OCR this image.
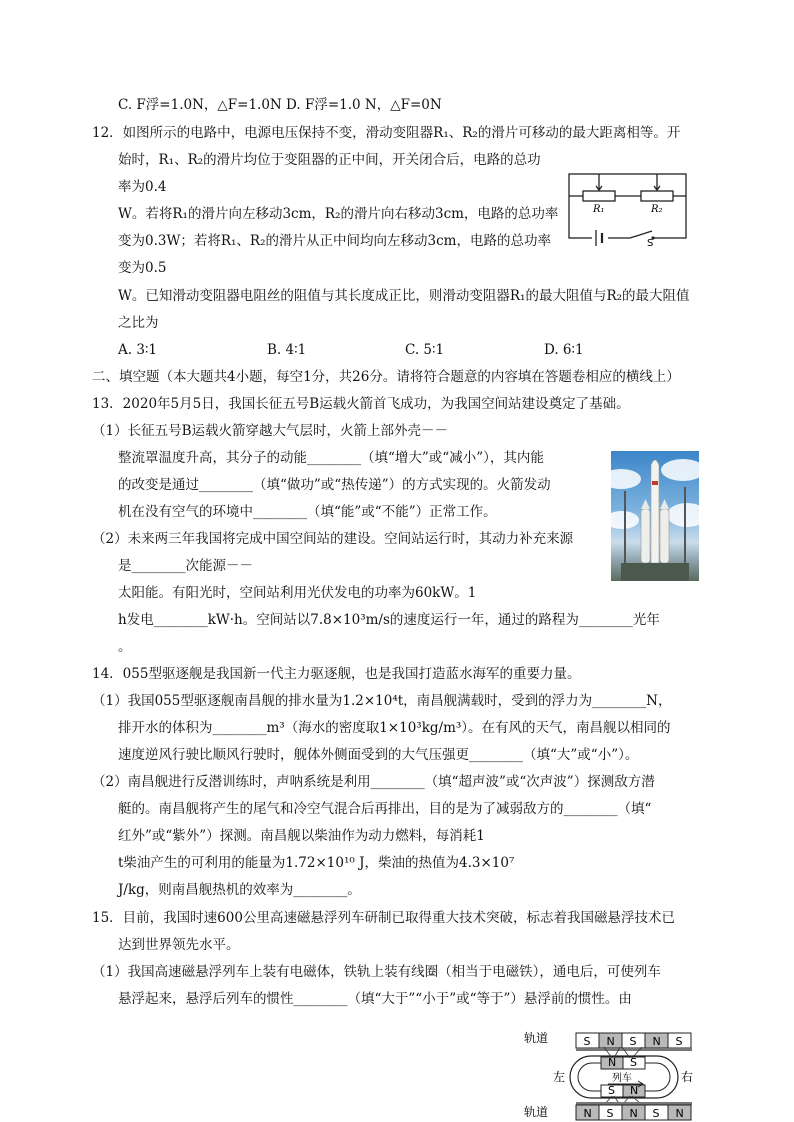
C. F浮=1.0N，△F=1.0N D. F浮=1.0 N，△F=0N
12．如图所示的电路中，电源电压保持不变，滑动变阻器R₁、R₂的滑片可移动的最大距离相等。开
始时，R₁、R₂的滑片均位于变阻器的正中间，开关闭合后，电路的总功
率为0.4
W。若将R₁的滑片向左移动3cm，R₂的滑片向右移动3cm，电路的总功率
变为0.3W；若将R₁、R₂的滑片从正中间均向左移动3cm，电路的总功率
变为0.5
W。已知滑动变阻器电阻丝的阻值与其长度成正比，则滑动变阻器R₁的最大阻值与R₂的最大阻值
之比为
A. 3∶1	B. 4∶1	C. 5∶1	D. 6∶1
二、填空题（本大题共4小题，每空1分，共26分。请将符合题意的内容填在答题卷相应的横线上）
13．2020年5月5日，我国长征五号B运载火箭首飞成功，为我国空间站建设奠定了基础。
（1）长征五号B运载火箭穿越大气层时，火箭上部外壳－－
整流罩温度升高，其分子的动能________（填“增大”或“减小”），其内能
的改变是通过________（填“做功”或“热传递”）的方式实现的。火箭发动
机在没有空气的环境中________（填“能”或“不能”）正常工作。
（2）未来两三年我国将完成中国空间站的建设。空间站运行时，其动力补充来源
是________次能源－－
太阳能。有阳光时，空间站利用光伏发电的功率为60kW。1
h发电________kW·h。空间站以7.8×10³m/s的速度运行一年，通过的路程为________光年
。
14．055型驱逐舰是我国新一代主力驱逐舰，也是我国打造蓝水海军的重要力量。
（1）我国055型驱逐舰南昌舰的排水量为1.2×10⁴t，南昌舰满载时，受到的浮力为________N，
排开水的体积为________m³（海水的密度取1×10³kg/m³）。在有风的天气，南昌舰以相同的
速度逆风行驶比顺风行驶时，舰体外侧面受到的大气压强更________（填“大”或“小”）。
（2）南昌舰进行反潜训练时，声呐系统是利用________（填“超声波”或“次声波”）探测敌方潜
艇的。南昌舰将产生的尾气和冷空气混合后再排出，目的是为了减弱敌方的________（填“
红外”或“紫外”）探测。南昌舰以柴油作为动力燃料，每消耗1
t柴油产生的可利用的能量为1.72×10¹⁰ J，柴油的热值为4.3×10⁷
J/kg，则南昌舰热机的效率为________。
15．目前，我国时速600公里高速磁悬浮列车研制已取得重大技术突破，标志着我国磁悬浮技术已
达到世界领先水平。
（1）我国高速磁悬浮列车上装有电磁体，铁轨上装有线圈（相当于电磁铁），通电后，可使列车
悬浮起来，悬浮后列车的惯性________（填“大于”“小于”或“等于”）悬浮前的惯性。由
R₁	R₂
S
轨道	S N S N S
N S
S N
列车
左	右
N S N S N
轨道
